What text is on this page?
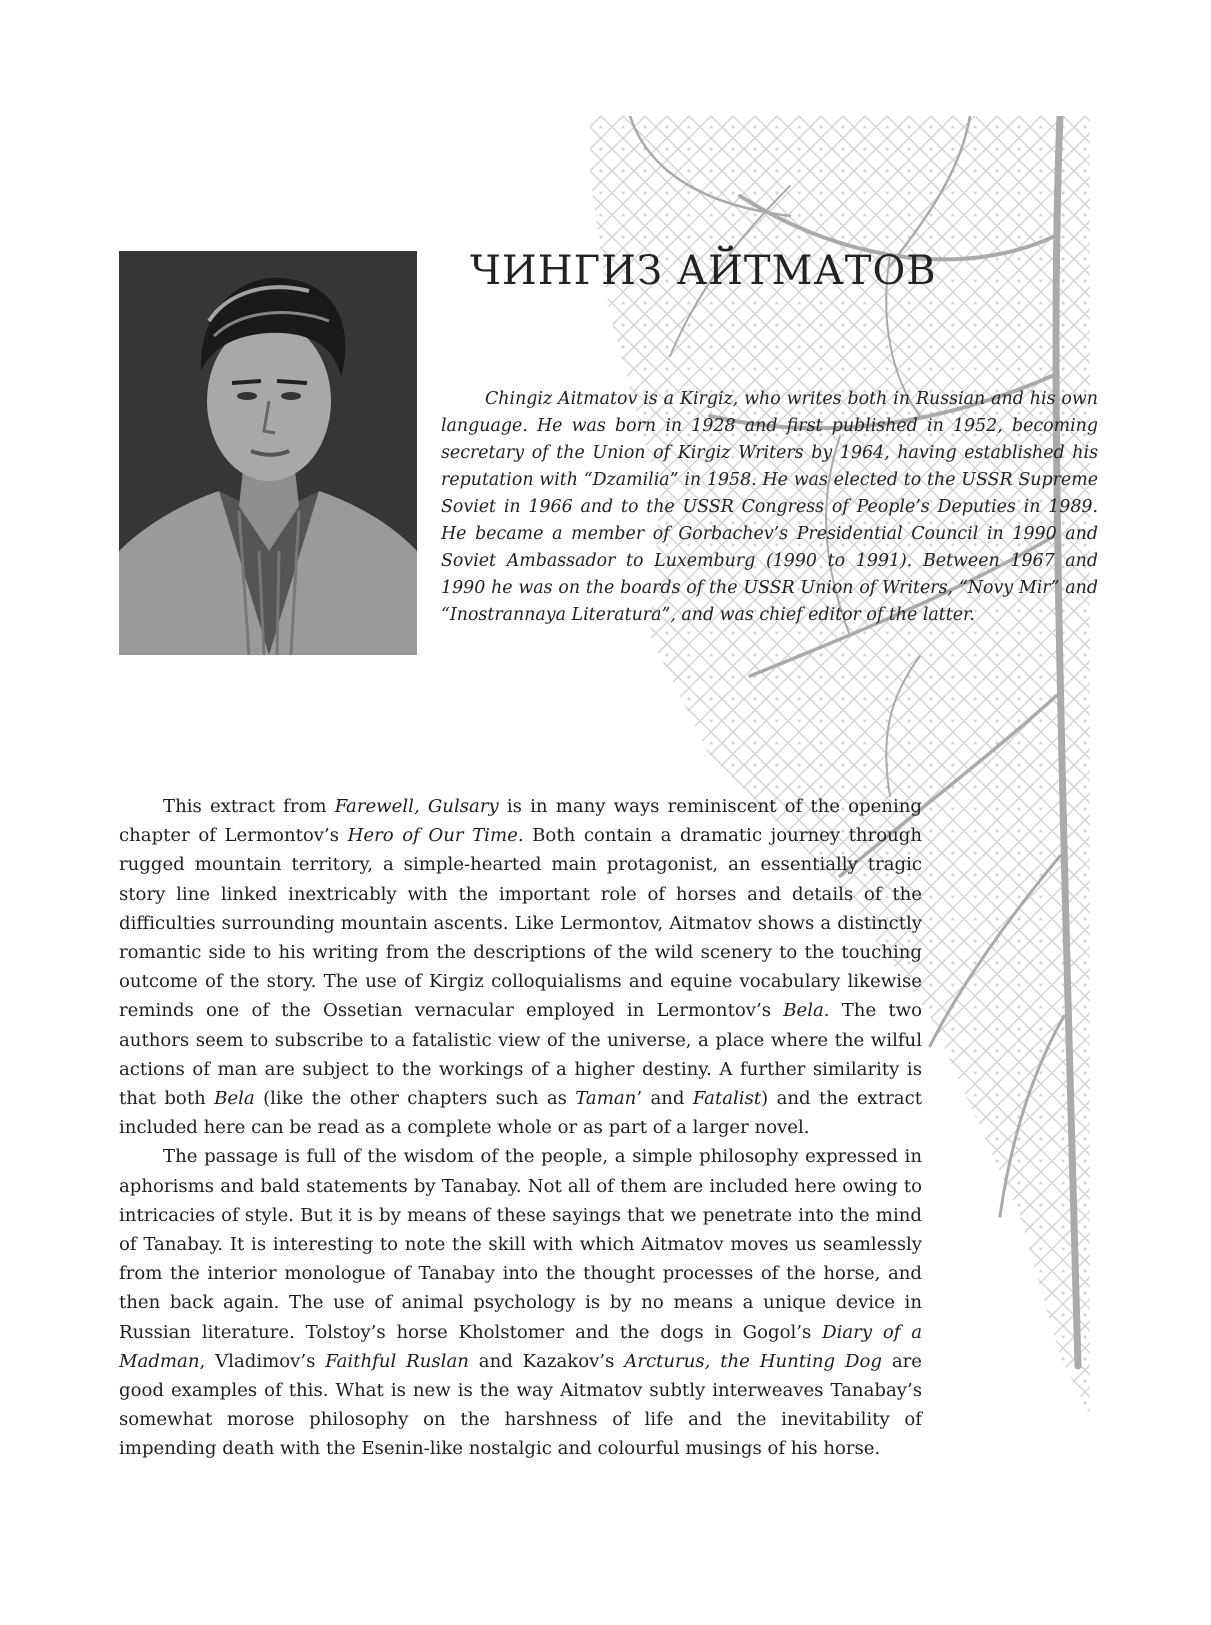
ЧИНГИЗ АЙТМАТОВ

Chingiz Aitmatov is a Kirgiz, who writes both in Russian and his own language. He was born in 1928 and first published in 1952, becoming secretary of the Union of Kirgiz Writers by 1964, having established his reputation with “Dzamilia” in 1958. He was elected to the USSR Supreme Soviet in 1966 and to the USSR Congress of People’s Deputies in 1989. He became a member of Gorbachev’s Presidential Council in 1990 and Soviet Ambassador to Luxemburg (1990 to 1991). Between 1967 and 1990 he was on the boards of the USSR Union of Writers, “Novy Mir” and “Inostrannaya Literatura”, and was chief editor of the latter.

This extract from Farewell, Gulsary is in many ways reminiscent of the opening chapter of Lermontov’s Hero of Our Time. Both contain a dramatic journey through rugged mountain territory, a simple-hearted main protagonist, an essentially tragic story line linked inextricably with the important role of horses and details of the difficulties surrounding mountain ascents. Like Lermontov, Aitmatov shows a distinctly romantic side to his writing from the descriptions of the wild scenery to the touching outcome of the story. The use of Kirgiz colloquialisms and equine vocabulary likewise reminds one of the Ossetian vernacular employed in Lermontov’s Bela. The two authors seem to subscribe to a fatalistic view of the universe, a place where the wilful actions of man are subject to the workings of a higher destiny. A further similarity is that both Bela (like the other chapters such as Taman’ and Fatalist) and the extract included here can be read as a complete whole or as part of a larger novel.

The passage is full of the wisdom of the people, a simple philosophy expressed in aphorisms and bald statements by Tanabay. Not all of them are included here owing to intricacies of style. But it is by means of these sayings that we penetrate into the mind of Tanabay. It is interesting to note the skill with which Aitmatov moves us seamlessly from the interior monologue of Tanabay into the thought processes of the horse, and then back again. The use of animal psychology is by no means a unique device in Russian literature. Tolstoy’s horse Kholstomer and the dogs in Gogol’s Diary of a Madman, Vladimov’s Faithful Ruslan and Kazakov’s Arcturus, the Hunting Dog are good examples of this. What is new is the way Aitmatov subtly interweaves Tanabay’s somewhat morose philosophy on the harshness of life and the inevitability of impending death with the Esenin-like nostalgic and colourful musings of his horse.
